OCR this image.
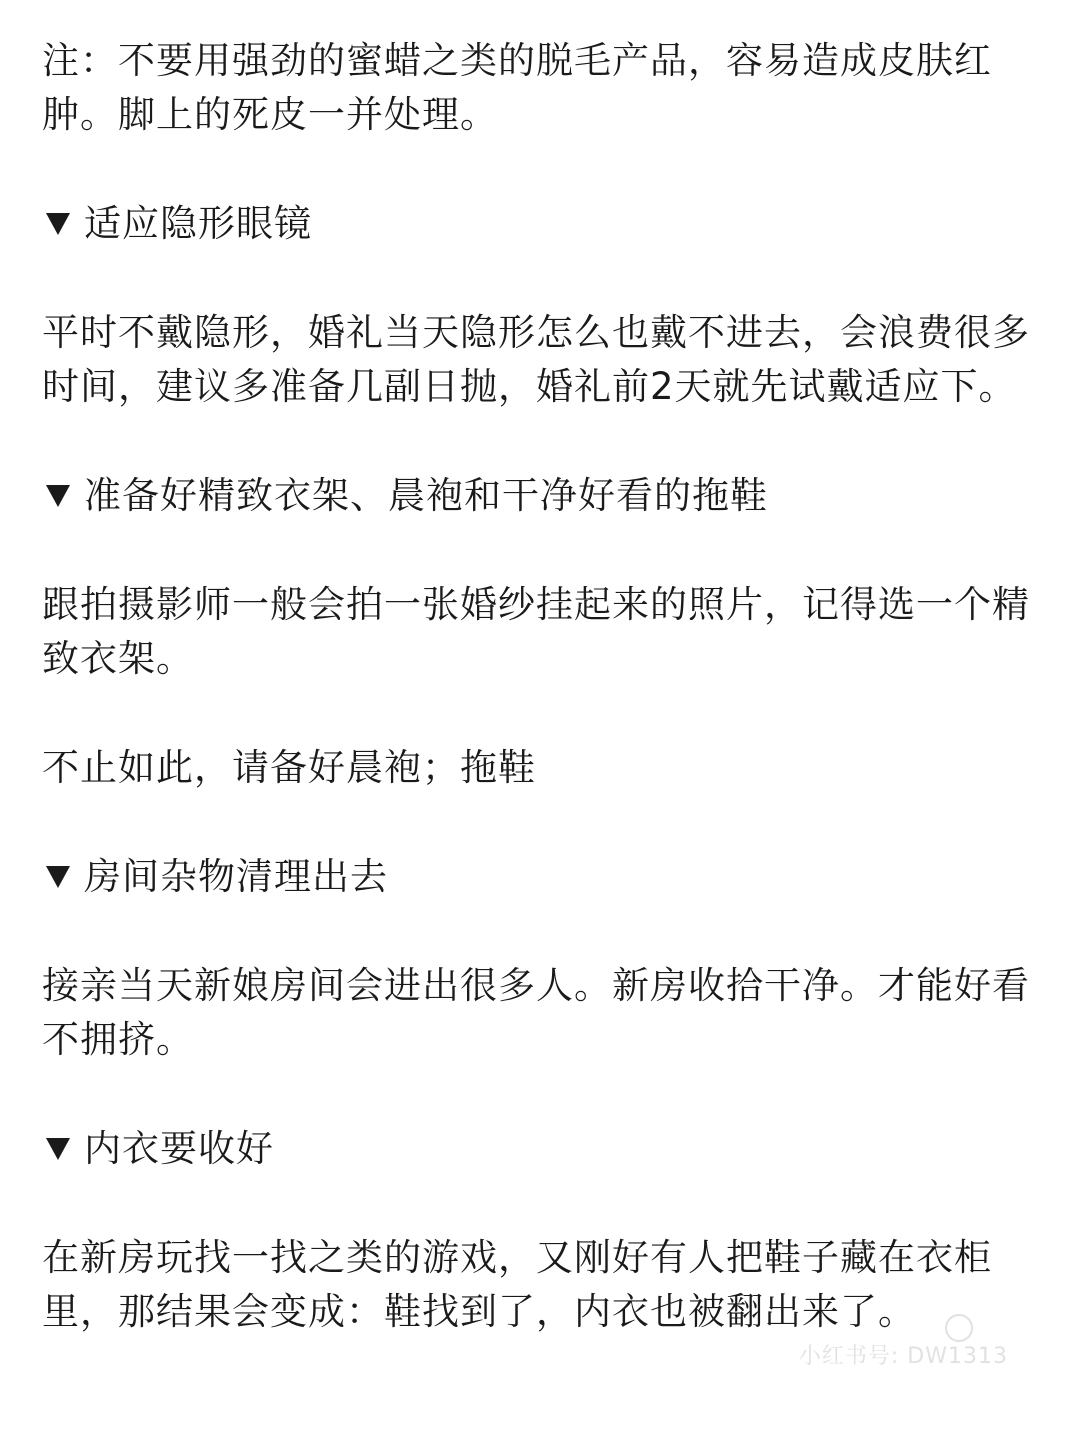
注：不要用强劲的蜜蜡之类的脱毛产品，容易造成皮肤红肿。脚上的死皮一并处理。

适应隐形眼镜

平时不戴隐形，婚礼当天隐形怎么也戴不进去，会浪费很多时间，建议多准备几副日抛，婚礼前2天就先试戴适应下。

准备好精致衣架、晨袍和干净好看的拖鞋

跟拍摄影师一般会拍一张婚纱挂起来的照片，记得选一个精致衣架。

不止如此，请备好晨袍；拖鞋

房间杂物清理出去

接亲当天新娘房间会进出很多人。新房收拾干净。才能好看不拥挤。

内衣要收好

在新房玩找一找之类的游戏，又刚好有人把鞋子藏在衣柜里，那结果会变成：鞋找到了，内衣也被翻出来了。

小红书号: DW1313
